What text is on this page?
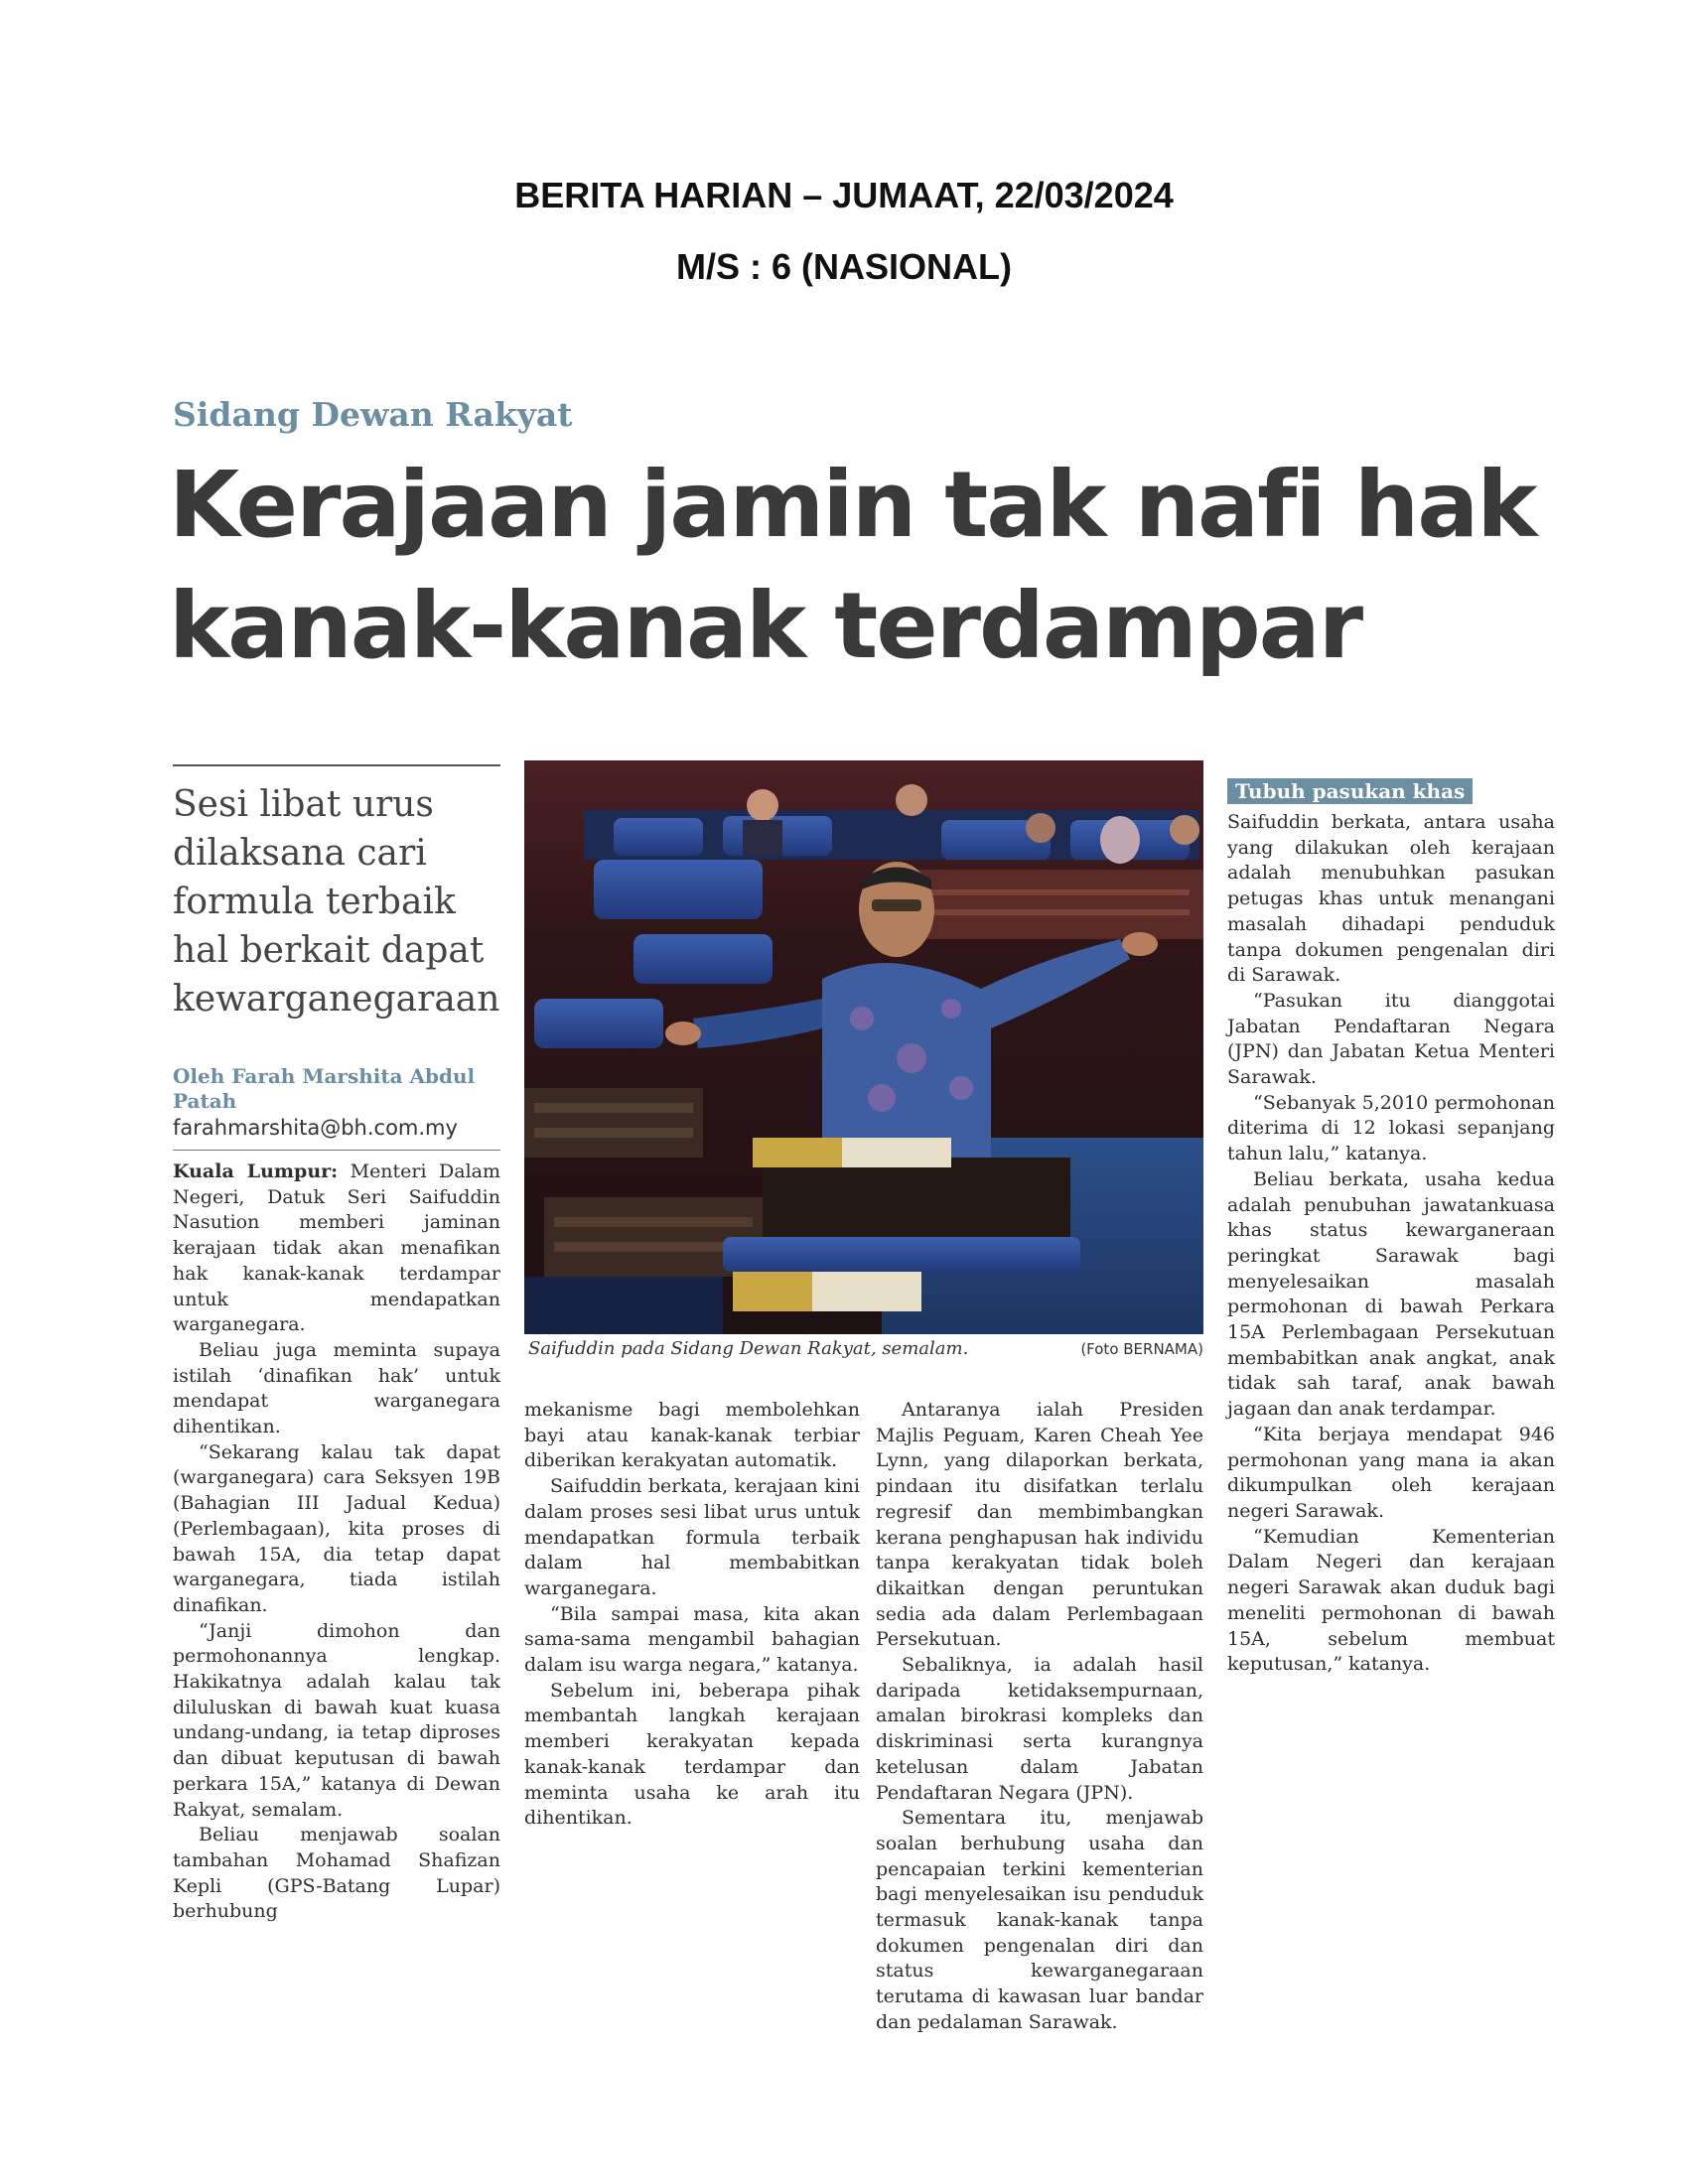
BERITA HARIAN – JUMAAT, 22/03/2024
M/S : 6 (NASIONAL)
Sidang Dewan Rakyat
Kerajaan jamin tak nafi hak
kanak-kanak terdampar
Sesi libat urus
dilaksana cari
formula terbaik
hal berkait dapat
kewarganegaraan
Oleh Farah Marshita Abdul Patah
farahmarshita@bh.com.my

Kuala Lumpur: Menteri Dalam Negeri, Datuk Seri Saifuddin Nasution memberi jaminan kerajaan tidak akan menafikan hak kanak-kanak terdampar untuk mendapatkan warganegara.

Beliau juga meminta supaya istilah ‘dinafikan hak’ untuk mendapat warganegara dihentikan.

“Sekarang kalau tak dapat (warganegara) cara Seksyen 19B (Bahagian III Jadual Kedua) (Perlembagaan), kita proses di bawah 15A, dia tetap dapat warganegara, tiada istilah dinafikan.

“Janji dimohon dan permohonannya lengkap. Hakikatnya adalah kalau tak diluluskan di bawah kuat kuasa undang-undang, ia tetap diproses dan dibuat keputusan di bawah perkara 15A,” katanya di Dewan Rakyat, semalam.

Beliau menjawab soalan tambahan Mohamad Shafizan Kepli (GPS-Batang Lupar) berhubung

Saifuddin pada Sidang Dewan Rakyat, semalam.	(Foto BERNAMA)

mekanisme bagi membolehkan bayi atau kanak-kanak terbiar diberikan kerakyatan automatik.

Saifuddin berkata, kerajaan kini dalam proses sesi libat urus untuk mendapatkan formula terbaik dalam hal membabitkan warganegara.

“Bila sampai masa, kita akan sama-sama mengambil bahagian dalam isu warga negara,” katanya.

Sebelum ini, beberapa pihak membantah langkah kerajaan memberi kerakyatan kepada kanak-kanak terdampar dan meminta usaha ke arah itu dihentikan.

Antaranya ialah Presiden Majlis Peguam, Karen Cheah Yee Lynn, yang dilaporkan berkata, pindaan itu disifatkan terlalu regresif dan membimbangkan kerana penghapusan hak individu tanpa kerakyatan tidak boleh dikaitkan dengan peruntukan sedia ada dalam Perlembagaan Persekutuan.

Sebaliknya, ia adalah hasil daripada ketidaksempurnaan, amalan birokrasi kompleks dan diskriminasi serta kurangnya ketelusan dalam Jabatan Pendaftaran Negara (JPN).

Sementara itu, menjawab soalan berhubung usaha dan pencapaian terkini kementerian bagi menyelesaikan isu penduduk termasuk kanak-kanak tanpa dokumen pengenalan diri dan status kewarganegaraan terutama di kawasan luar bandar dan pedalaman Sarawak.

Tubuh pasukan khas

Saifuddin berkata, antara usaha yang dilakukan oleh kerajaan adalah menubuhkan pasukan petugas khas untuk menangani masalah dihadapi penduduk tanpa dokumen pengenalan diri di Sarawak.

“Pasukan itu dianggotai Jabatan Pendaftaran Negara (JPN) dan Jabatan Ketua Menteri Sarawak.

“Sebanyak 5,2010 permohonan diterima di 12 lokasi sepanjang tahun lalu,” katanya.

Beliau berkata, usaha kedua adalah penubuhan jawatankuasa khas status kewarganeraan peringkat Sarawak bagi menyelesaikan masalah permohonan di bawah Perkara 15A Perlembagaan Persekutuan membabitkan anak angkat, anak tidak sah taraf, anak bawah jagaan dan anak terdampar.

“Kita berjaya mendapat 946 permohonan yang mana ia akan dikumpulkan oleh kerajaan negeri Sarawak.

“Kemudian Kementerian Dalam Negeri dan kerajaan negeri Sarawak akan duduk bagi meneliti permohonan di bawah 15A, sebelum membuat keputusan,” katanya.
